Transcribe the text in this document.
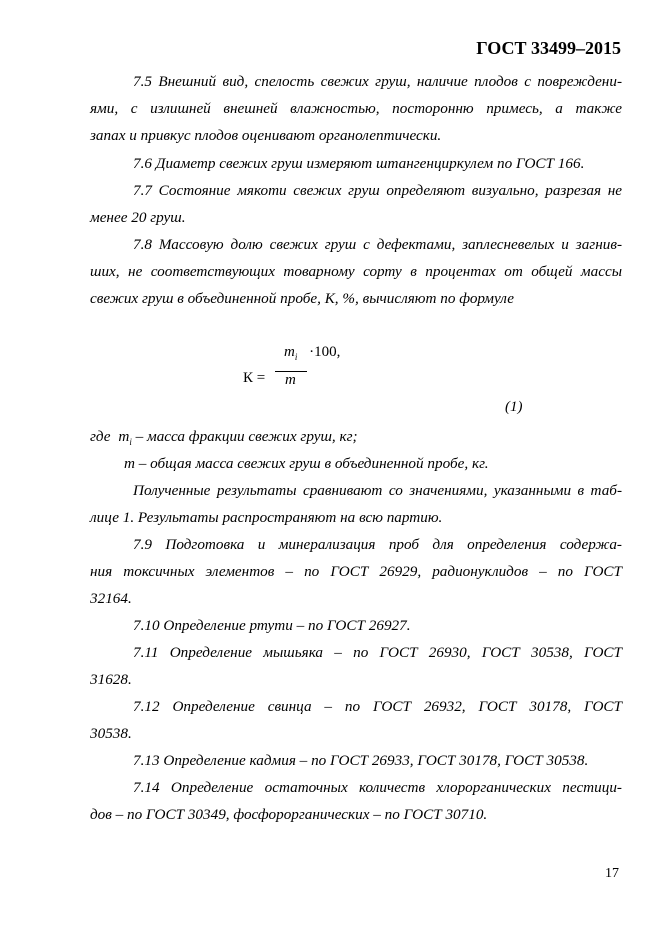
ГОСТ 33499–2015
7.5 Внешний вид, спелость свежих груш, наличие плодов с повреждени-
ями, с излишней внешней влажностью, посторонню примесь, а также
запах и привкус плодов оценивают органолептически.
7.6 Диаметр свежих груш измеряют штангенциркулем по ГОСТ 166.
7.7 Состояние мякоти свежих груш определяют визуально, разрезая не
менее 20 груш.
7.8 Массовую долю свежих груш с дефектами, заплесневелых и загнив-
ших, не соответствующих товарному сорту в процентах от общей массы
свежих груш в объединенной пробе, К, %, вычисляют по формуле
$m_i \cdot 100$,
К = m
(1)
где $m_i$ – масса фракции свежих груш, кг;
m – общая масса свежих груш в объединенной пробе, кг.
Полученные результаты сравнивают со значениями, указанными в таб-
лице 1. Результаты распространяют на всю партию.
7.9 Подготовка и минерализация проб для определения содержа-
ния токсичных элементов – по ГОСТ 26929, радионуклидов – по ГОСТ
32164.
7.10 Определение ртути – по ГОСТ 26927.
7.11 Определение мышьяка – по ГОСТ 26930, ГОСТ 30538, ГОСТ
31628.
7.12 Определение свинца – по ГОСТ 26932, ГОСТ 30178, ГОСТ
30538.
7.13 Определение кадмия – по ГОСТ 26933, ГОСТ 30178, ГОСТ 30538.
7.14 Определение остаточных количеств хлорорганических пестици-
дов – по ГОСТ 30349, фосфорорганических – по ГОСТ 30710.
17
